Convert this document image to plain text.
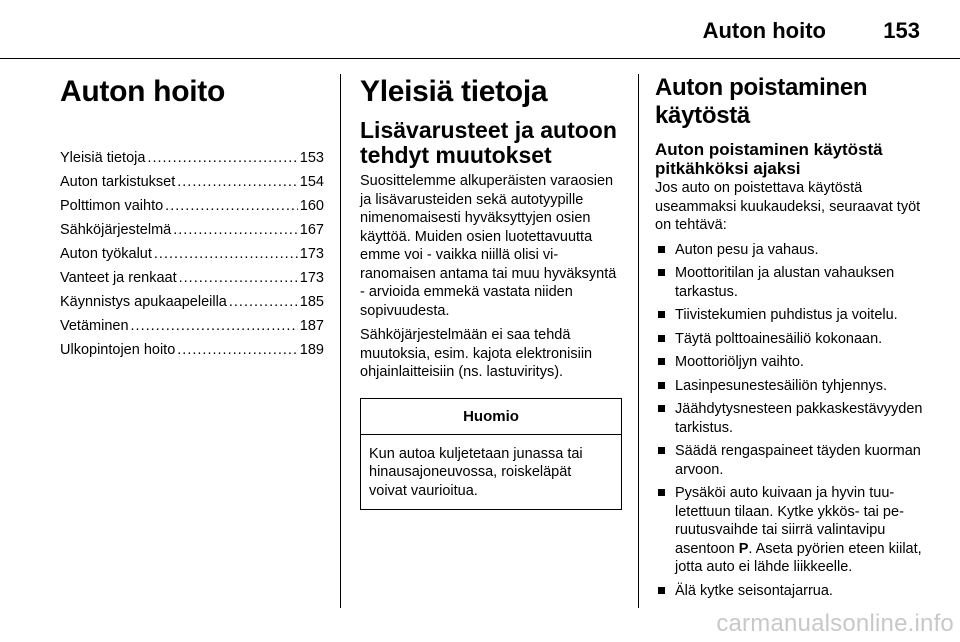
Auton hoito	153
Auton hoito
Yleisiä tietoja .....	153
Auton tarkistukset .....	154
Polttimon vaihto .....	160
Sähköjärjestelmä .....	167
Auton työkalut .....	173
Vanteet ja renkaat .....	173
Käynnistys apukaapeleilla .....	185
Vetäminen .....	187
Ulkopintojen hoito .....	189
Yleisiä tietoja
Lisävarusteet ja autoon tehdyt muutokset

Suosittelemme alkuperäisten varaosien ja lisävarusteiden sekä autotyypille nimenomaisesti hyväksyttyjen osien käyttöä. Muiden osien luotettavuutta emme voi - vaikka niillä olisi viranomaisen antama tai muu hyväksyntä - arvioida emmekä vastata niiden sopivuudesta.

Sähköjärjestelmään ei saa tehdä muutoksia, esim. kajota elektronisiin ohjainlaitteisiin (ns. lastuviritys).

Huomio
Kun autoa kuljetetaan junassa tai hinausajoneuvossa, roiskeläpät voivat vaurioitua.
Auton poistaminen käytöstä
Auton poistaminen käytöstä pitkähköksi ajaksi

Jos auto on poistettava käytöstä useammaksi kuukaudeksi, seuraavat työt on tehtävä:

Auton pesu ja vahaus.
Moottoritilan ja alustan vahauksen tarkastus.
Tiivistekumien puhdistus ja voitelu.
Täytä polttoainesäiliö kokonaan.
Moottoriöljyn vaihto.
Lasinpesunestesäiliön tyhjennys.
Jäähdytysnesteen pakkaskestävyyden tarkistus.
Säädä rengaspaineet täyden kuorman arvoon.
Pysäköi auto kuivaan ja hyvin tuuletettuun tilaan. Kytke ykkös- tai peruutusvaihde tai siirrä valintavipu asentoon P. Aseta pyörien eteen kiilat, jotta auto ei lähde liikkeelle.
Älä kytke seisontajarrua.
carmanualsonline.info
